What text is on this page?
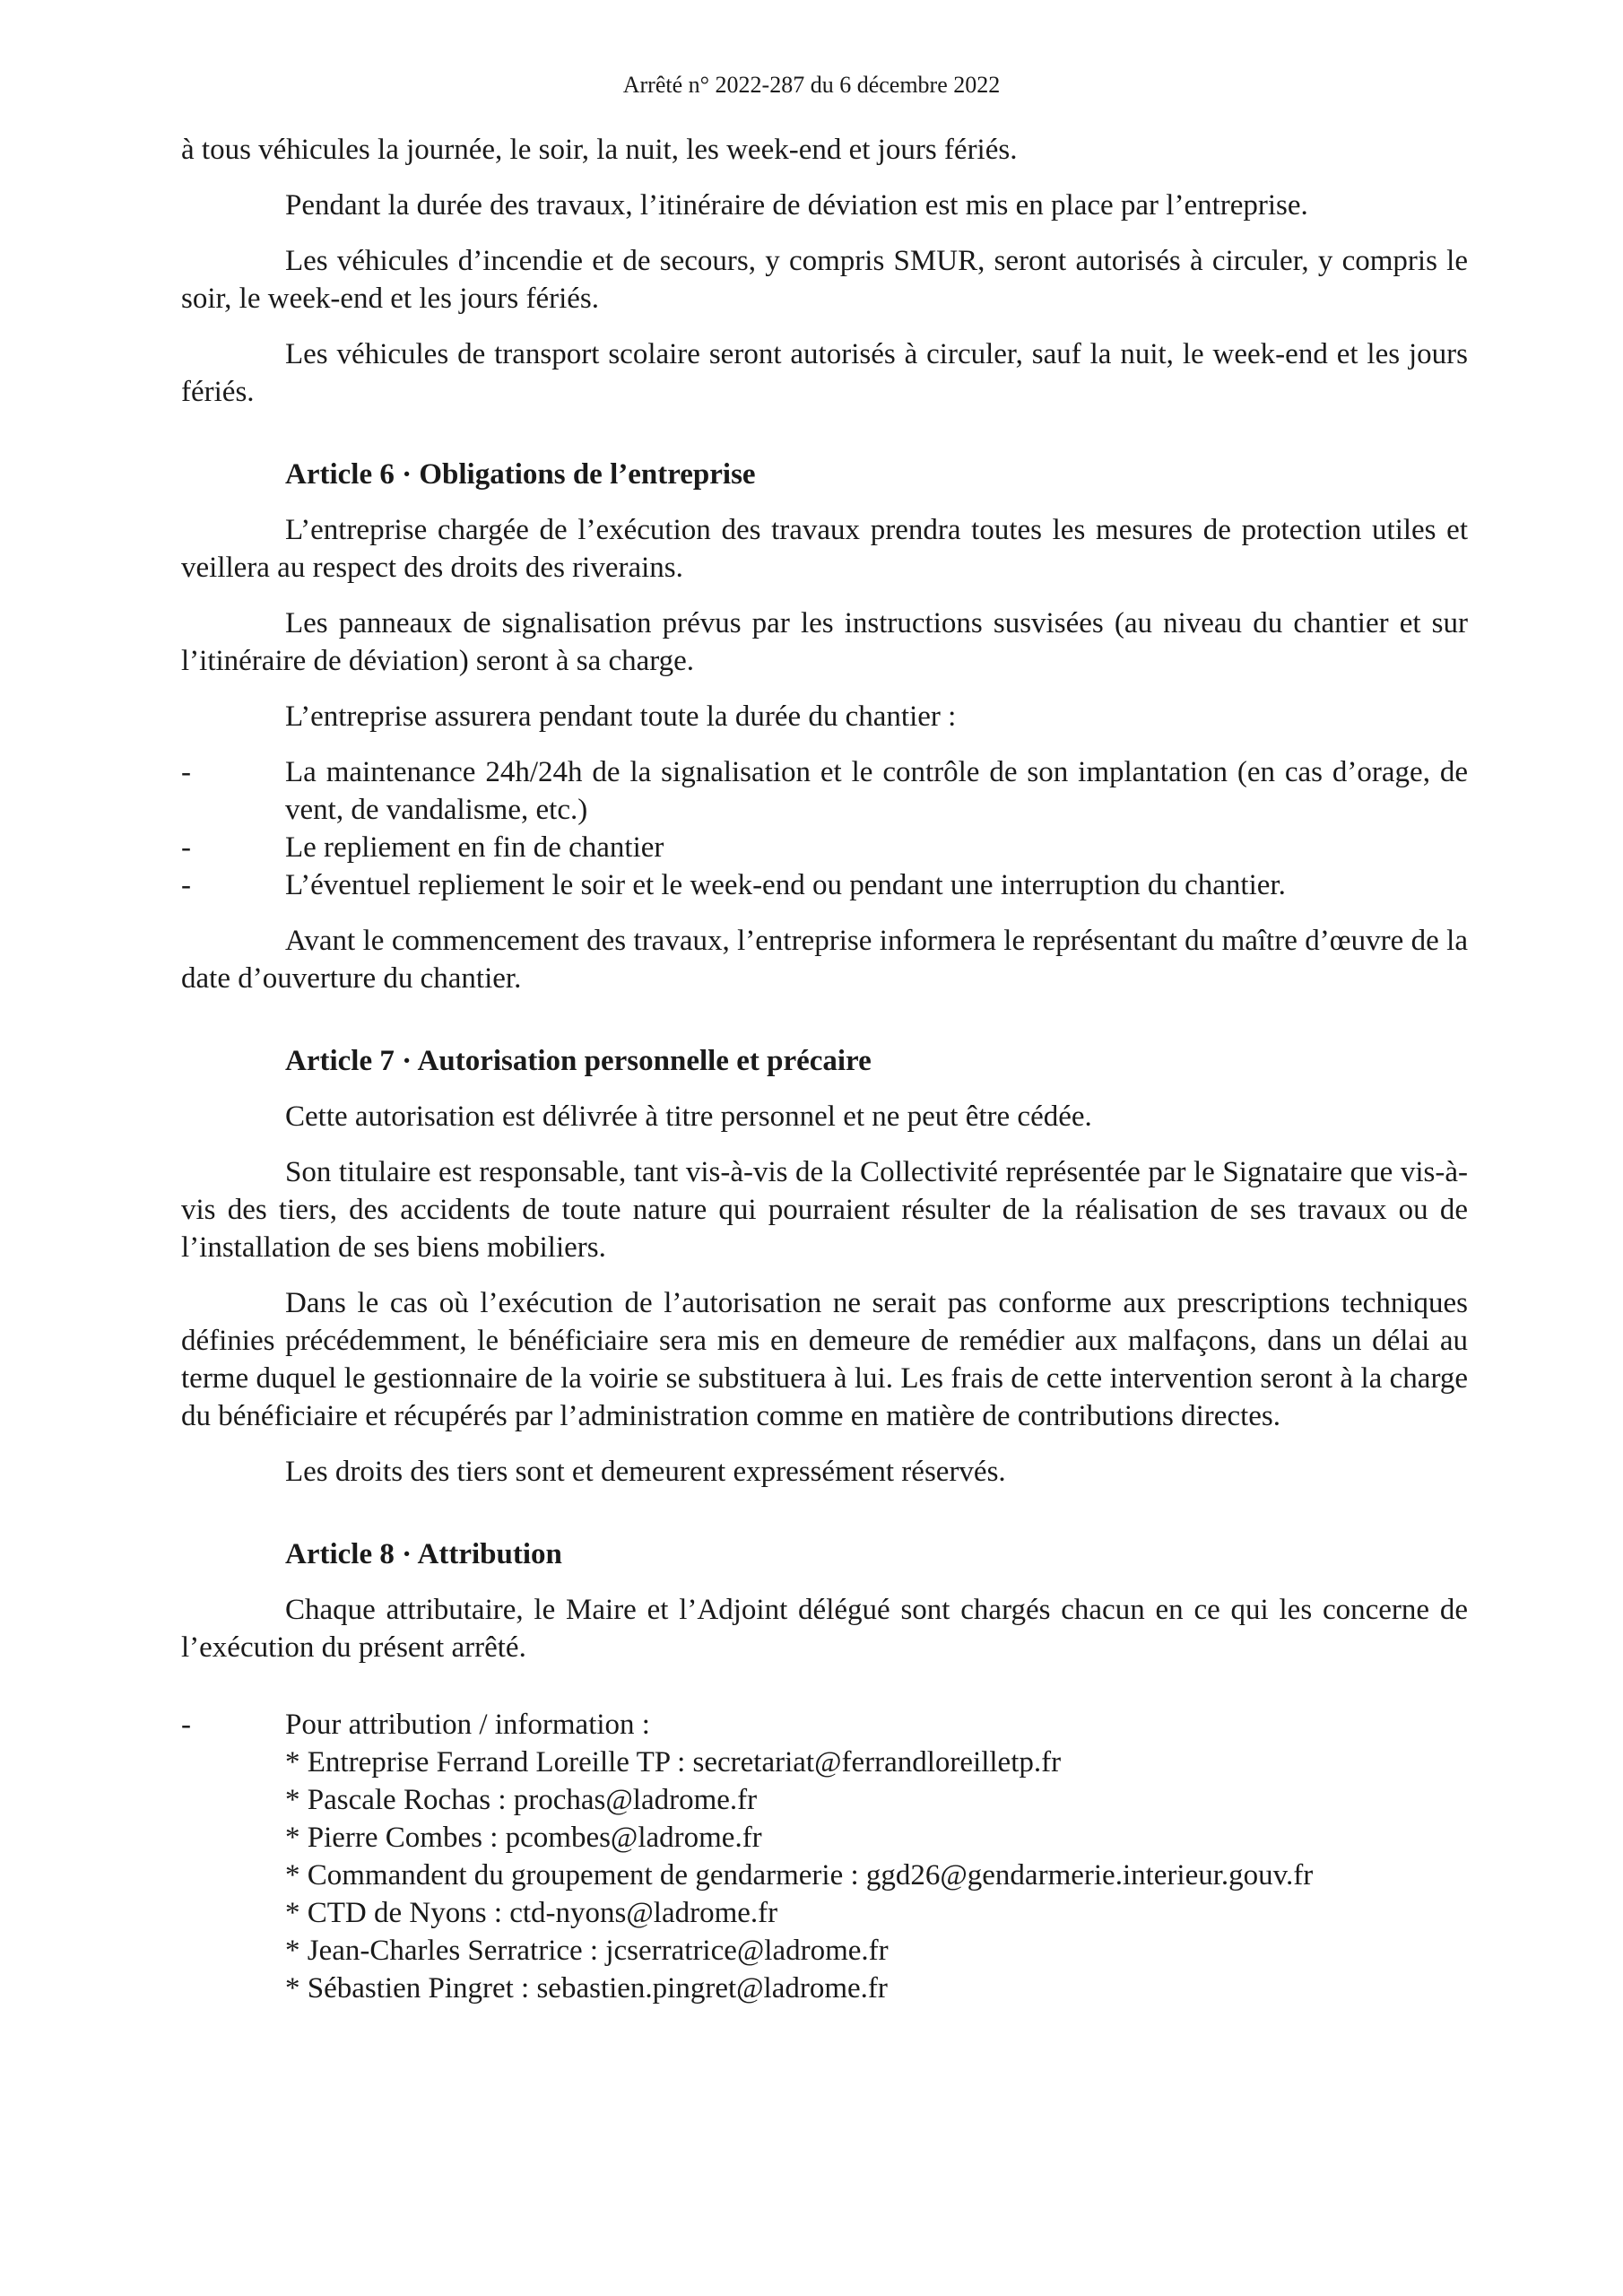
Arrêté n° 2022-287 du 6 décembre 2022

à tous véhicules la journée, le soir, la nuit, les week-end et jours fériés.

Pendant la durée des travaux, l’itinéraire de déviation est mis en place par l’entreprise.

Les véhicules d’incendie et de secours, y compris SMUR, seront autorisés à circuler, y compris le soir, le week-end et les jours fériés.

Les véhicules de transport scolaire seront autorisés à circuler, sauf la nuit, le week-end et les jours fériés.

Article 6 · Obligations de l’entreprise

L’entreprise chargée de l’exécution des travaux prendra toutes les mesures de protection utiles et veillera au respect des droits des riverains.

Les panneaux de signalisation prévus par les instructions susvisées (au niveau du chantier et sur l’itinéraire de déviation) seront à sa charge.

L’entreprise assurera pendant toute la durée du chantier :

-	La maintenance 24h/24h de la signalisation et le contrôle de son implantation (en cas d’orage, de vent, de vandalisme, etc.)
-	Le repliement en fin de chantier
-	L’éventuel repliement le soir et le week-end ou pendant une interruption du chantier.

Avant le commencement des travaux, l’entreprise informera le représentant du maître d’œuvre de la date d’ouverture du chantier.

Article 7 · Autorisation personnelle et précaire

Cette autorisation est délivrée à titre personnel et ne peut être cédée.

Son titulaire est responsable, tant vis-à-vis de la Collectivité représentée par le Signataire que vis-à-vis des tiers, des accidents de toute nature qui pourraient résulter de la réalisation de ses travaux ou de l’installation de ses biens mobiliers.

Dans le cas où l’exécution de l’autorisation ne serait pas conforme aux prescriptions techniques définies précédemment, le bénéficiaire sera mis en demeure de remédier aux malfaçons, dans un délai au terme duquel le gestionnaire de la voirie se substituera à lui. Les frais de cette intervention seront à la charge du bénéficiaire et récupérés par l’administration comme en matière de contributions directes.

Les droits des tiers sont et demeurent expressément réservés.

Article 8 · Attribution

Chaque attributaire, le Maire et l’Adjoint délégué sont chargés chacun en ce qui les concerne de l’exécution du présent arrêté.

-	Pour attribution / information :
* Entreprise Ferrand Loreille TP : secretariat@ferrandloreilletp.fr
* Pascale Rochas : prochas@ladrome.fr
* Pierre Combes : pcombes@ladrome.fr
* Commandent du groupement de gendarmerie : ggd26@gendarmerie.interieur.gouv.fr
* CTD de Nyons : ctd-nyons@ladrome.fr
* Jean-Charles Serratrice : jcserratrice@ladrome.fr
* Sébastien Pingret : sebastien.pingret@ladrome.fr
